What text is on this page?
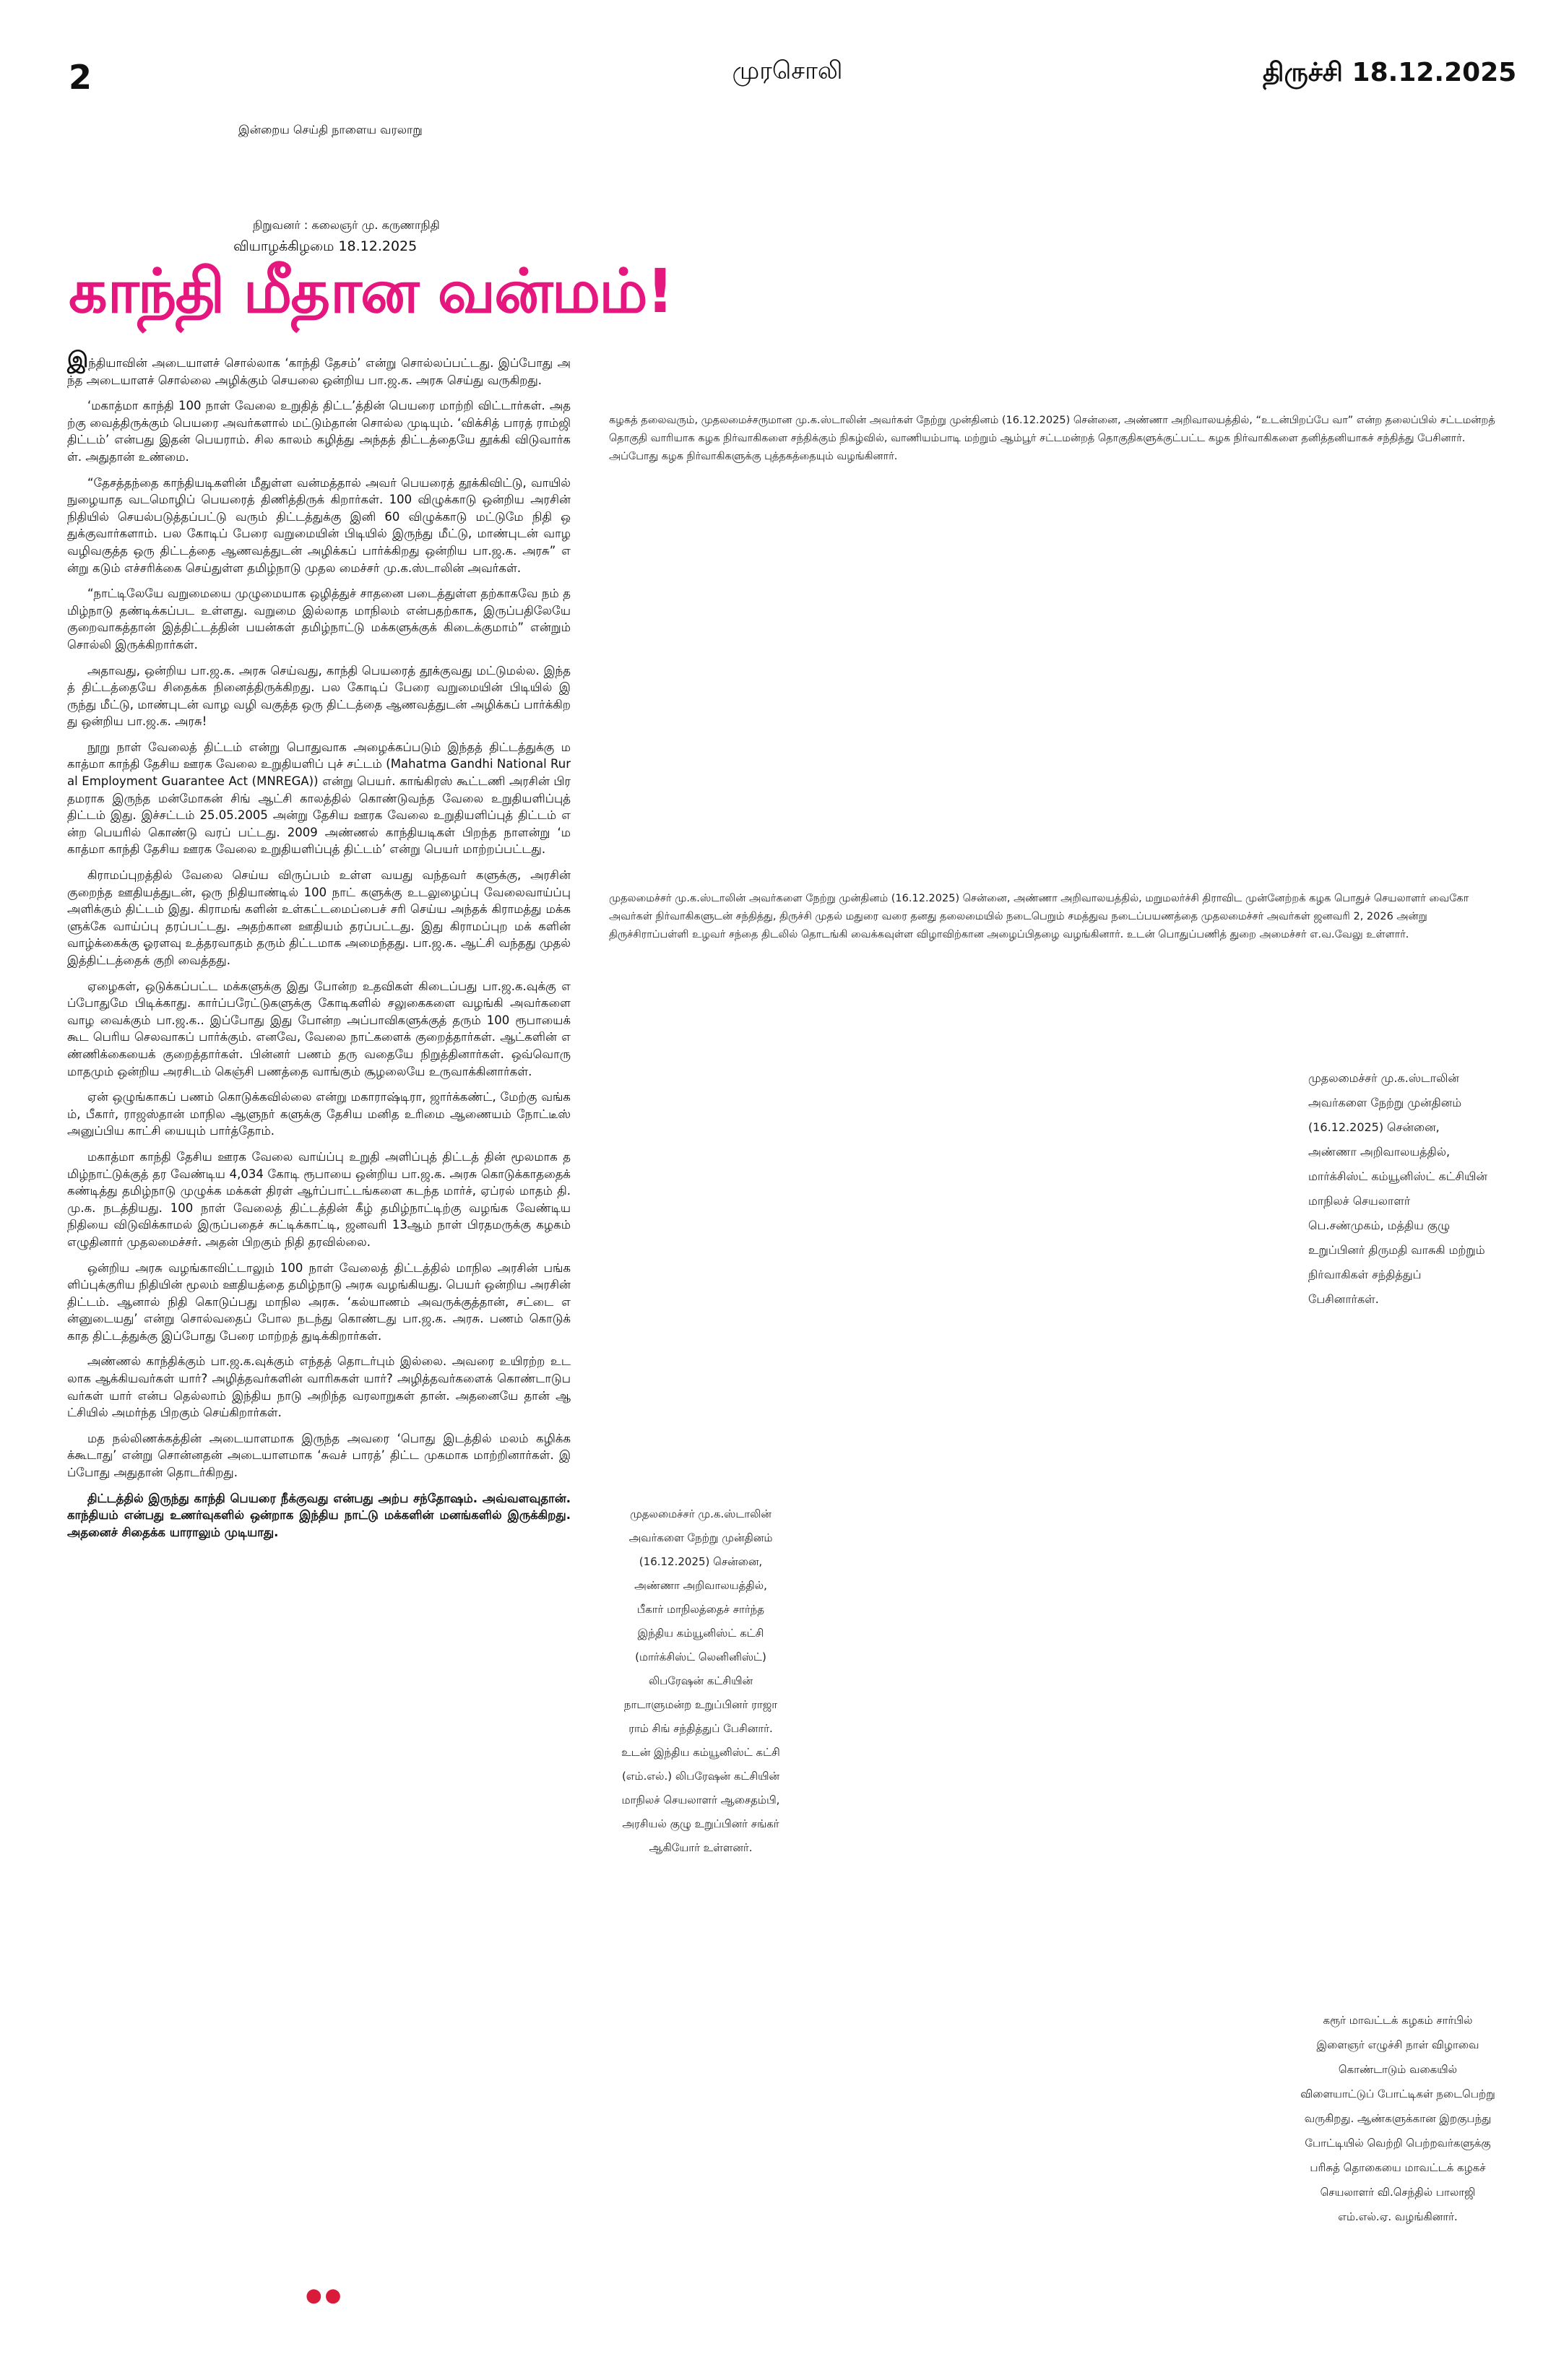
2	முரசொலி	திருச்சி 18.12.2025
இன்றைய செய்தி நாளைய வரலாறு
நிறுவனர் : கலைஞர் மு. கருணாநிதி
வியாழக்கிழமை 18.12.2025
காந்தி மீதான வன்மம்!

இந்தியாவின் அடையாளச் சொல்லாக ‘காந்தி தேசம்’ என்று சொல்லப்பட்டது. இப்போது அந்த அடையாளச் சொல்லை அழிக்கும் செயலை ஒன்றிய பா.ஜ.க. அரசு செய்து வருகிறது.

‘மகாத்மா காந்தி 100 நாள் வேலை உறுதித் திட்ட’த்தின் பெயரை மாற்றி விட்டார்கள். அதற்கு வைத்திருக்கும் பெயரை அவர்களால் மட்டும்தான் சொல்ல முடியும். ‘விக்சித் பாரத் ராம்ஜி திட்டம்’ என்பது இதன் பெயராம். சில காலம் கழித்து அந்தத் திட்டத்தையே தூக்கி விடுவார்கள். அதுதான் உண்மை.

“தேசத்தந்தை காந்தியடிகளின் மீதுள்ள வன்மத்தால் அவர் பெயரைத் தூக்கிவிட்டு, வாயில் நுழையாத வடமொழிப் பெயரைத் திணித்திருக் கிறார்கள். 100 விழுக்காடு ஒன்றிய அரசின் நிதியில் செயல்படுத்தப்பட்டு வரும் திட்டத்துக்கு இனி 60 விழுக்காடு மட்டுமே நிதி ஒதுக்குவார்களாம். பல கோடிப் பேரை வறுமையின் பிடியில் இருந்து மீட்டு, மாண்புடன் வாழ வழிவகுத்த ஒரு திட்டத்தை ஆணவத்துடன் அழிக்கப் பார்க்கிறது ஒன்றிய பா.ஜ.க. அரசு” என்று கடும் எச்சரிக்கை செய்துள்ள தமிழ்நாடு முதல மைச்சர் மு.க.ஸ்டாலின் அவர்கள்.

“நாட்டிலேயே வறுமையை முழுமையாக ஒழித்துச் சாதனை படைத்துள்ள தற்காகவே நம் தமிழ்நாடு தண்டிக்கப்பட உள்ளது. வறுமை இல்லாத மாநிலம் என்பதற்காக, இருப்பதிலேயே குறைவாகத்தான் இத்திட்டத்தின் பயன்கள் தமிழ்நாட்டு மக்களுக்குக் கிடைக்குமாம்” என்றும் சொல்லி இருக்கிறார்கள்.

அதாவது, ஒன்றிய பா.ஜ.க. அரசு செய்வது, காந்தி பெயரைத் தூக்குவது மட்டுமல்ல. இந்தத் திட்டத்தையே சிதைக்க நினைத்திருக்கிறது. பல கோடிப் பேரை வறுமையின் பிடியில் இருந்து மீட்டு, மாண்புடன் வாழ வழி வகுத்த ஒரு திட்டத்தை ஆணவத்துடன் அழிக்கப் பார்க்கிறது ஒன்றிய பா.ஜ.க. அரசு!

நூறு நாள் வேலைத் திட்டம் என்று பொதுவாக அழைக்கப்படும் இந்தத் திட்டத்துக்கு மகாத்மா காந்தி தேசிய ஊரக வேலை உறுதியளிப் புச் சட்டம் (Mahatma Gandhi National Rural Employment Guarantee Act (MNREGA)) என்று பெயர். காங்கிரஸ் கூட்டணி அரசின் பிரதமராக இருந்த மன்மோகன் சிங் ஆட்சி காலத்தில் கொண்டுவந்த வேலை உறுதியளிப்புத் திட்டம் இது. இச்சட்டம் 25.05.2005 அன்று தேசிய ஊரக வேலை உறுதியளிப்புத் திட்டம் என்ற பெயரில் கொண்டு வரப் பட்டது. 2009 அண்ணல் காந்தியடிகள் பிறந்த நாளன்று ‘மகாத்மா காந்தி தேசிய ஊரக வேலை உறுதியளிப்புத் திட்டம்’ என்று பெயர் மாற்றப்பட்டது.

கிராமப்புறத்தில் வேலை செய்ய விருப்பம் உள்ள வயது வந்தவர் களுக்கு, அரசின் குறைந்த ஊதியத்துடன், ஒரு நிதியாண்டில் 100 நாட் களுக்கு உடலுழைப்பு வேலைவாய்ப்பு அளிக்கும் திட்டம் இது. கிராமங் களின் உள்கட்டமைப்பைச் சரி செய்ய அந்தக் கிராமத்து மக்களுக்கே வாய்ப்பு தரப்பட்டது. அதற்கான ஊதியம் தரப்பட்டது. இது கிராமப்புற மக் களின் வாழ்க்கைக்கு ஓரளவு உத்தரவாதம் தரும் திட்டமாக அமைந்தது. பா.ஜ.க. ஆட்சி வந்தது முதல் இத்திட்டத்தைக் குறி வைத்தது.

ஏழைகள், ஒடுக்கப்பட்ட மக்களுக்கு இது போன்ற உதவிகள் கிடைப்பது பா.ஜ.க.வுக்கு எப்போதுமே பிடிக்காது. கார்ப்பரேட்டுகளுக்கு கோடிகளில் சலுகைகளை வழங்கி அவர்களை வாழ வைக்கும் பா.ஜ.க.. இப்போது இது போன்ற அப்பாவிகளுக்குத் தரும் 100 ரூபாயைக் கூட பெரிய செலவாகப் பார்க்கும். எனவே, வேலை நாட்களைக் குறைத்தார்கள். ஆட்களின் எண்ணிக்கையைக் குறைத்தார்கள். பின்னர் பணம் தரு வதையே நிறுத்தினார்கள். ஒவ்வொரு மாதமும் ஒன்றிய அரசிடம் கெஞ்சி பணத்தை வாங்கும் சூழலையே உருவாக்கினார்கள்.

ஏன் ஒழுங்காகப் பணம் கொடுக்கவில்லை என்று மகாராஷ்டிரா, ஜார்க்கண்ட், மேற்கு வங்கம், பீகார், ராஜஸ்தான் மாநில ஆளுநர் களுக்கு தேசிய மனித உரிமை ஆணையம் நோட்டீஸ் அனுப்பிய காட்சி யையும் பார்த்தோம்.

மகாத்மா காந்தி தேசிய ஊரக வேலை வாய்ப்பு உறுதி அளிப்புத் திட்டத் தின் மூலமாக தமிழ்நாட்டுக்குத் தர வேண்டிய 4,034 கோடி ரூபாயை ஒன்றிய பா.ஜ.க. அரசு கொடுக்காததைக் கண்டித்து தமிழ்நாடு முழுக்க மக்கள் திரள் ஆர்ப்பாட்டங்களை கடந்த மார்ச், ஏப்ரல் மாதம் தி.மு.க. நடத்தியது. 100 நாள் வேலைத் திட்டத்தின் கீழ் தமிழ்நாட்டிற்கு வழங்க வேண்டிய நிதியை விடுவிக்காமல் இருப்பதைச் சுட்டிக்காட்டி, ஜனவரி 13ஆம் நாள் பிரதமருக்கு கழகம் எழுதினார் முதலமைச்சர். அதன் பிறகும் நிதி தரவில்லை.

ஒன்றிய அரசு வழங்காவிட்டாலும் 100 நாள் வேலைத் திட்டத்தில் மாநில அரசின் பங்களிப்புக்குரிய நிதியின் மூலம் ஊதியத்தை தமிழ்நாடு அரசு வழங்கியது. பெயர் ஒன்றிய அரசின் திட்டம். ஆனால் நிதி கொடுப்பது மாநில அரசு. ‘கல்யாணம் அவருக்குத்தான், சட்டை என்னுடையது’ என்று சொல்வதைப் போல நடந்து கொண்டது பா.ஜ.க. அரசு. பணம் கொடுக் காத திட்டத்துக்கு இப்போது பேரை மாற்றத் துடிக்கிறார்கள்.

அண்ணல் காந்திக்கும் பா.ஜ.க.வுக்கும் எந்தத் தொடர்பும் இல்லை. அவரை உயிரற்ற உடலாக ஆக்கியவர்கள் யார்? அழித்தவர்களின் வாரிசுகள் யார்? அழித்தவர்களைக் கொண்டாடுபவர்கள் யார் என்ப தெல்லாம் இந்திய நாடு அறிந்த வரலாறுகள் தான். அதனையே தான் ஆட்சியில் அமர்ந்த பிறகும் செய்கிறார்கள்.

மத நல்லிணக்கத்தின் அடையாளமாக இருந்த அவரை ‘பொது இடத்தில் மலம் கழிக்கக்கூடாது’ என்று சொன்னதன் அடையாளமாக ‘சுவச் பாரத்’ திட்ட முகமாக மாற்றினார்கள். இப்போது அதுதான் தொடர்கிறது.

திட்டத்தில் இருந்து காந்தி பெயரை நீக்குவது என்பது அற்ப சந்தோஷம். அவ்வளவுதான். காந்தியம் என்பது உணர்வுகளில் ஒன்றாக இந்திய நாட்டு மக்களின் மனங்களில் இருக்கிறது. அதனைச் சிதைக்க யாராலும் முடியாது.

●●
கழகத் தலைவரும், முதலமைச்சருமான மு.க.ஸ்டாலின் அவர்கள் நேற்று முன்தினம் (16.12.2025) சென்னை, அண்ணா அறிவாலயத்தில், “உடன்பிறப்பே வா” என்ற தலைப்பில் சட்டமன்றத் தொகுதி வாரியாக கழக நிர்வாகிகளை சந்திக்கும் நிகழ்வில், வாணியம்பாடி மற்றும் ஆம்பூர் சட்டமன்றத் தொகுதிகளுக்குட்பட்ட கழக நிர்வாகிகளை தனித்தனியாகச் சந்தித்து பேசினார். அப்போது கழக நிர்வாகிகளுக்கு புத்தகத்தையும் வழங்கினார்.
முதலமைச்சர் மு.க.ஸ்டாலின் அவர்களை நேற்று முன்தினம் (16.12.2025) சென்னை, அண்ணா அறிவாலயத்தில், மறுமலர்ச்சி திராவிட முன்னேற்றக் கழக பொதுச் செயலாளர் வைகோ அவர்கள் நிர்வாகிகளுடன் சந்தித்து, திருச்சி முதல் மதுரை வரை தனது தலைமையில் நடைபெறும் சமத்துவ நடைப்பயணத்தை முதலமைச்சர் அவர்கள் ஜனவரி 2, 2026 அன்று திருச்சிராப்பள்ளி உழவர் சந்தை திடலில் தொடங்கி வைக்கவுள்ள விழாவிற்கான அழைப்பிதழை வழங்கினார். உடன் பொதுப்பணித் துறை அமைச்சர் எ.வ.வேலு உள்ளார்.
முதலமைச்சர் மு.க.ஸ்டாலின் அவர்களை நேற்று முன்தினம் (16.12.2025) சென்னை, அண்ணா அறிவாலயத்தில், மார்க்சிஸ்ட் கம்யூனிஸ்ட் கட்சியின் மாநிலச் செயலாளர் பெ.சண்முகம், மத்திய குழு உறுப்பினர் திருமதி வாசுகி மற்றும் நிர்வாகிகள் சந்தித்துப் பேசினார்கள்.
முதலமைச்சர் மு.க.ஸ்டாலின் அவர்களை நேற்று முன்தினம் (16.12.2025) சென்னை, அண்ணா அறிவாலயத்தில், பீகார் மாநிலத்தைச் சார்ந்த இந்திய கம்யூனிஸ்ட் கட்சி (மார்க்சிஸ்ட் லெனினிஸ்ட்) லிபரேஷன் கட்சியின் நாடாளுமன்ற உறுப்பினர் ராஜா ராம் சிங் சந்தித்துப் பேசினார். உடன் இந்திய கம்யூனிஸ்ட் கட்சி (எம்.எல்.) லிபரேஷன் கட்சியின் மாநிலச் செயலாளர் ஆசைதம்பி, அரசியல் குழு உறுப்பினர் சங்கர் ஆகியோர் உள்ளனர்.
கரூர் மாவட்டக் கழகம் சார்பில் இளைஞர் எழுச்சி நாள் விழாவை கொண்டாடும் வகையில் விளையாட்டுப் போட்டிகள் நடைபெற்று வருகிறது. ஆண்களுக்கான இறகுபந்து போட்டியில் வெற்றி பெற்றவர்களுக்கு பரிசுத் தொகையை மாவட்டக் கழகச் செயலாளர் வி.செந்தில் பாலாஜி எம்.எல்.ஏ. வழங்கினார்.
